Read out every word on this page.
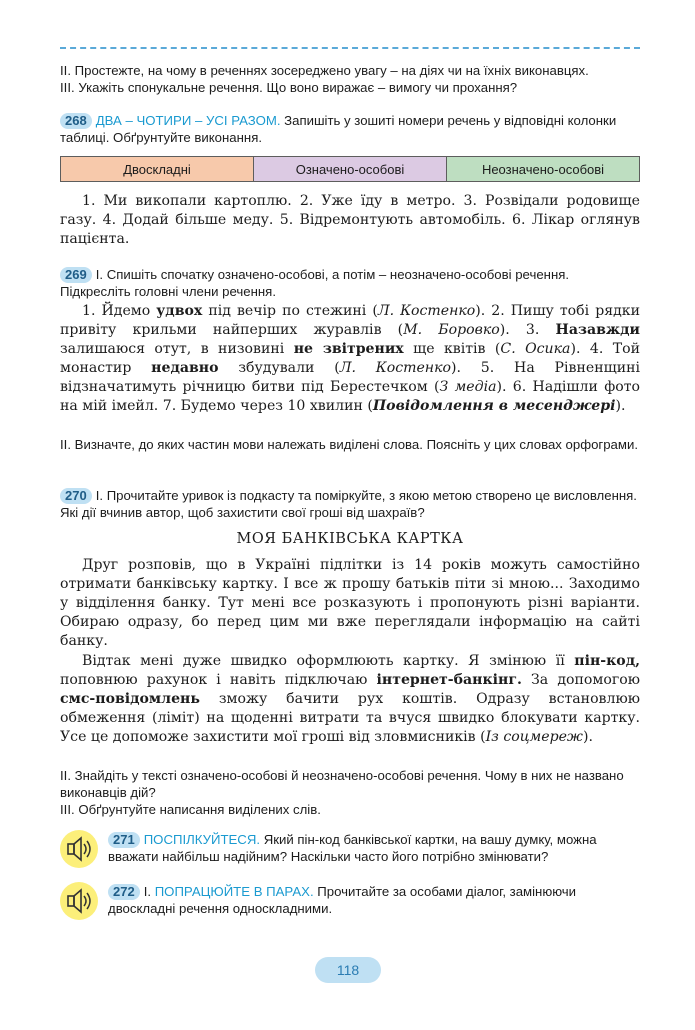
II. Простежте, на чому в реченнях зосереджено увагу – на діях чи на їхніх виконавцях.
III. Укажіть спонукальне речення. Що воно виражає – вимогу чи прохання?
268 ДВА – ЧОТИРИ – УСІ РАЗОМ. Запишіть у зошиті номери речень у відповідні колонки таблиці. Обґрунтуйте виконання.
Двоскладні	Означено-особові	Неозначено-особові
1. Ми викопали картоплю. 2. Уже їду в метро. 3. Розвідали родовище газу. 4. Додай більше меду. 5. Відремонтують автомобіль. 6. Лікар оглянув пацієнта.
269 I. Спишіть спочатку означено-особові, а потім – неозначено-особові речення. Підкресліть головні члени речення.
1. Йдемо удвох під вечір по стежині (Л. Костенко). 2. Пишу тобі рядки привіту крильми найперших журавлів (М. Боровко). 3. Назавжди залишаюся отут, в низовині не звітрених ще квітів (С. Осика). 4. Той монастир недавно збудували (Л. Костенко). 5. На Рівненщині відзначатимуть річницю битви під Берестечком (З медіа). 6. Надішли фото на мій імейл. 7. Будемо через 10 хвилин (Повідомлення в месенджері).
II. Визначте, до яких частин мови належать виділені слова. Поясніть у цих словах орфограми.
270 I. Прочитайте уривок із подкасту та поміркуйте, з якою метою створено це висловлення. Які дії вчинив автор, щоб захистити свої гроші від шахраїв?
МОЯ БАНКІВСЬКА КАРТКА
Друг розповів, що в Україні підлітки із 14 років можуть самостійно отримати банківську картку. І все ж прошу батьків піти зі мною... Заходимо у відділення банку. Тут мені все розказують і пропонують різні варіанти. Обираю одразу, бо перед цим ми вже переглядали інформацію на сайті банку.
Відтак мені дуже швидко оформлюють картку. Я змінюю її пін-код, поповнюю рахунок і навіть підключаю інтернет-банкінг. За допомогою смс-повідомлень зможу бачити рух коштів. Одразу встановлюю обмеження (ліміт) на щоденні витрати та вчуся швидко блокувати картку. Усе це допоможе захистити мої гроші від зловмисників (Із соцмереж).
II. Знайдіть у тексті означено-особові й неозначено-особові речення. Чому в них не названо виконавців дій?
III. Обґрунтуйте написання виділених слів.
271 ПОСПІЛКУЙТЕСЯ. Який пін-код банківської картки, на вашу думку, можна вважати найбільш надійним? Наскільки часто його потрібно змінювати?
272 I. ПОПРАЦЮЙТЕ В ПАРАХ. Прочитайте за особами діалог, замінюючи двоскладні речення односкладними.
118
